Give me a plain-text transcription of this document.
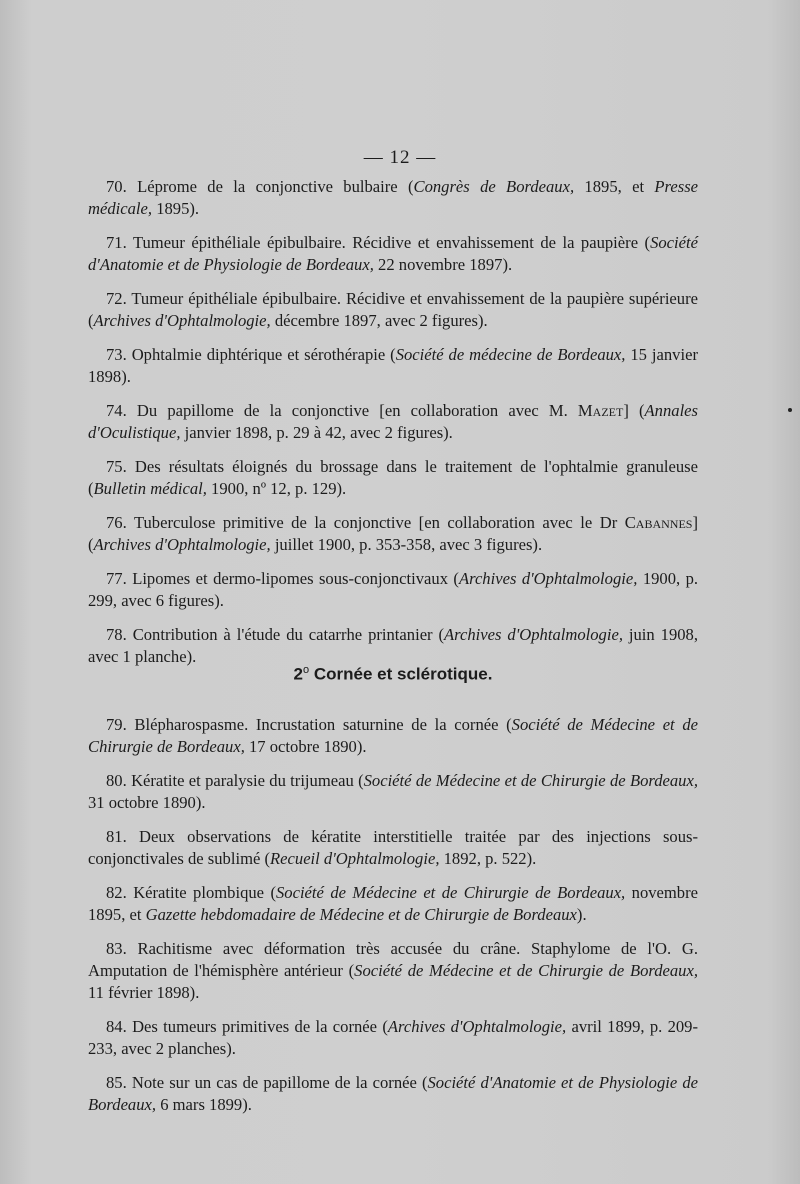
— 12 —

70. Lépromе de la conjonctive bulbaire (Congrès de Bordeaux, 1895, et Presse médicale, 1895).

71. Tumeur épithéliale épibulbaire. Récidive et envahissement de la paupière (Société d'Anatomie et de Physiologie de Bordeaux, 22 novembre 1897).

72. Tumeur épithéliale épibulbaire. Récidive et envahissement de la paupière supérieure (Archives d'Ophtalmologie, décembre 1897, avec 2 figures).

73. Ophtalmie diphtérique et sérothérapie (Société de médecine de Bordeaux, 15 janvier 1898).

74. Du papillome de la conjonctive [en collaboration avec M. Mazet] (Annales d'Oculistique, janvier 1898, p. 29 à 42, avec 2 figures).

75. Des résultats éloignés du brossage dans le traitement de l'ophtalmie granuleuse (Bulletin médical, 1900, nº 12, p. 129).

76. Tuberculose primitive de la conjonctive [en collaboration avec le Dr Cabannes] (Archives d'Ophtalmologie, juillet 1900, p. 353-358, avec 3 figures).

77. Lipomes et dermo-lipomes sous-conjonctivaux (Archives d'Ophtalmologie, 1900, p. 299, avec 6 figures).

78. Contribution à l'étude du catarrhe printanier (Archives d'Ophtalmologie, juin 1908, avec 1 planche).

2$^o$ Cornée et sclérotique.

79. Blépharospasme. Incrustation saturnine de la cornée (Société de Médecine et de Chirurgie de Bordeaux, 17 octobre 1890).

80. Kératite et paralysie du trijumeau (Société de Médecine et de Chirurgie de Bordeaux, 31 octobre 1890).

81. Deux observations de kératite interstitielle traitée par des injections sous-conjonctivales de sublimé (Recueil d'Ophtalmologie, 1892, p. 522).

82. Kératite plombique (Société de Médecine et de Chirurgie de Bordeaux, novembre 1895, et Gazette hebdomadaire de Médecine et de Chirurgie de Bordeaux).

83. Rachitisme avec déformation très accusée du crâne. Staphylome de l'O. G. Amputation de l'hémisphère antérieur (Société de Médecine et de Chirurgie de Bordeaux, 11 février 1898).

84. Des tumeurs primitives de la cornée (Archives d'Ophtalmologie, avril 1899, p. 209-233, avec 2 planches).

85. Note sur un cas de papillome de la cornée (Société d'Anatomie et de Physiologie de Bordeaux, 6 mars 1899).
